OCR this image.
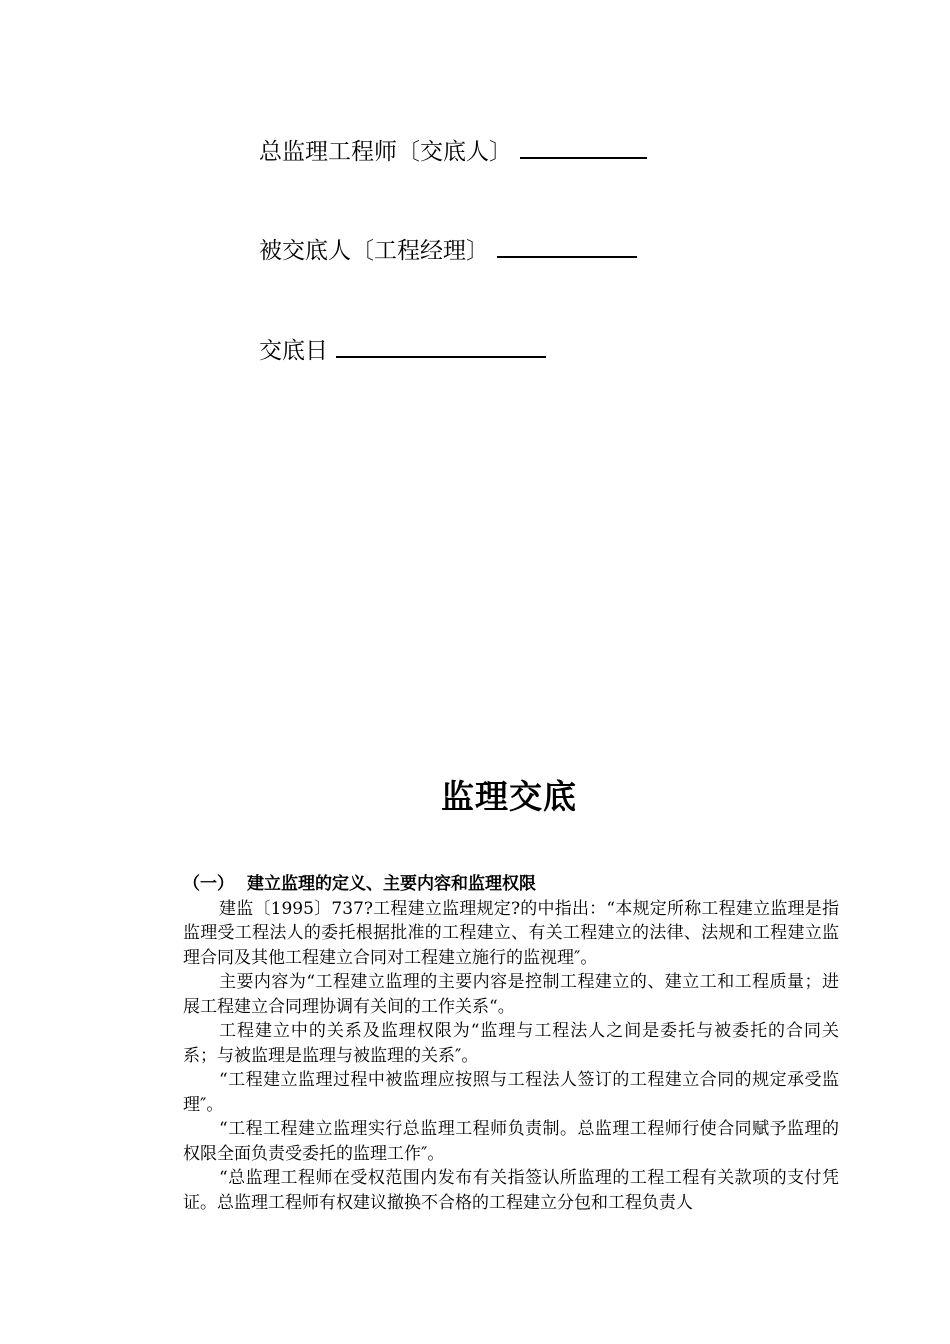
总监理工程师〔交底人〕
被交底人〔工程经理〕
交底日
监理交底
（一） 建立监理的定义、主要内容和监理权限

建监〔1995〕737?工程建立监理规定?的中指出：“本规定所称工程建立监理是指监理受工程法人的委托根据批准的工程建立、有关工程建立的法律、法规和工程建立监理合同及其他工程建立合同对工程建立施行的监视理″。

主要内容为“工程建立监理的主要内容是控制工程建立的、建立工和工程质量；进展工程建立合同理协调有关间的工作关系“。

工程建立中的关系及监理权限为“监理与工程法人之间是委托与被委托的合同关系；与被监理是监理与被监理的关系″。

“工程建立监理过程中被监理应按照与工程法人签订的工程建立合同的规定承受监理″。

“工程工程建立监理实行总监理工程师负责制。总监理工程师行使合同赋予监理的权限全面负责受委托的监理工作″。

“总监理工程师在受权范围内发布有关指签认所监理的工程工程有关款项的支付凭证。总监理工程师有权建议撤换不合格的工程建立分包和工程负责人
